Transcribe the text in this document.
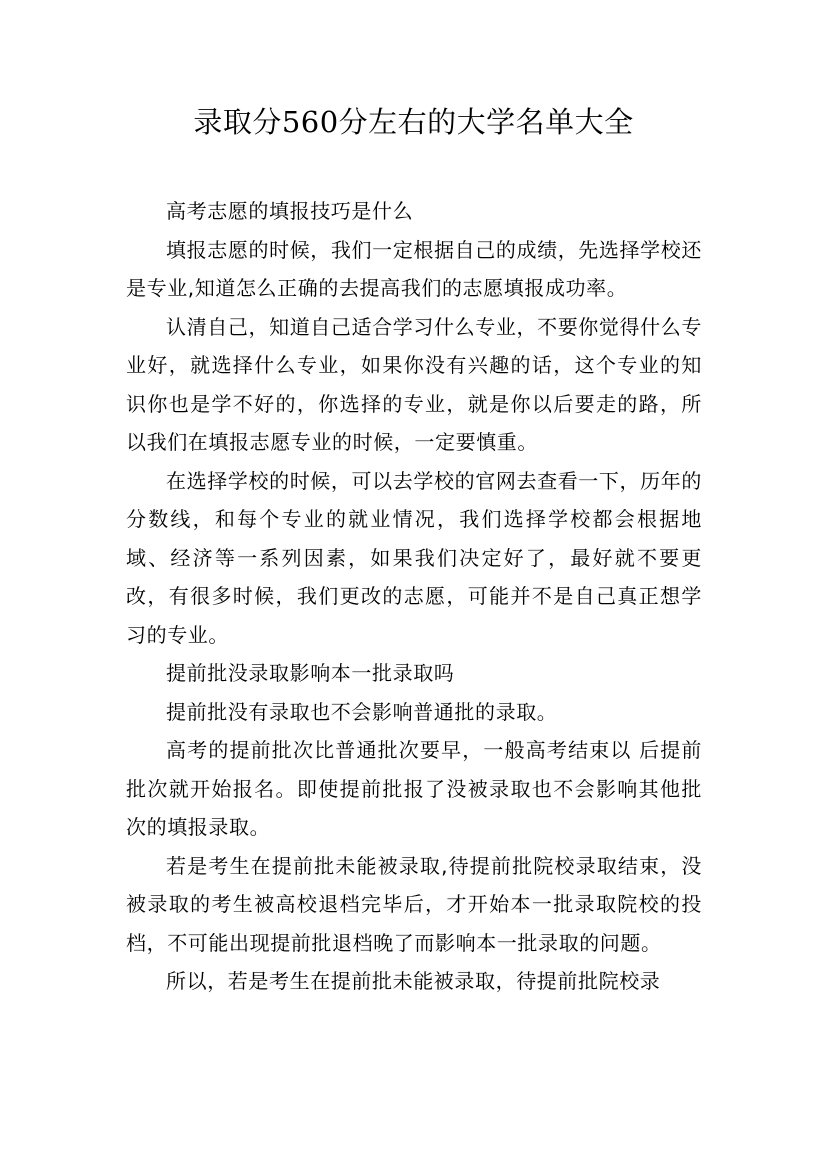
录取分560分左右的大学名单大全

高考志愿的填报技巧是什么

填报志愿的时候，我们一定根据自己的成绩，先选择学校还是专业,知道怎么正确的去提高我们的志愿填报成功率。

认清自己，知道自己适合学习什么专业，不要你觉得什么专业好，就选择什么专业，如果你没有兴趣的话，这个专业的知识你也是学不好的，你选择的专业，就是你以后要走的路，所以我们在填报志愿专业的时候，一定要慎重。

在选择学校的时候，可以去学校的官网去查看一下，历年的分数线，和每个专业的就业情况，我们选择学校都会根据地域、经济等一系列因素，如果我们决定好了，最好就不要更改，有很多时候，我们更改的志愿，可能并不是自己真正想学习的专业。

提前批没录取影响本一批录取吗

提前批没有录取也不会影响普通批的录取。

高考的提前批次比普通批次要早，一般高考结束以 后提前批次就开始报名。即使提前批报了没被录取也不会影响其他批次的填报录取。

若是考生在提前批未能被录取,待提前批院校录取结束，没被录取的考生被高校退档完毕后，才开始本一批录取院校的投档，不可能出现提前批退档晚了而影响本一批录取的问题。

所以，若是考生在提前批未能被录取，待提前批院校录
